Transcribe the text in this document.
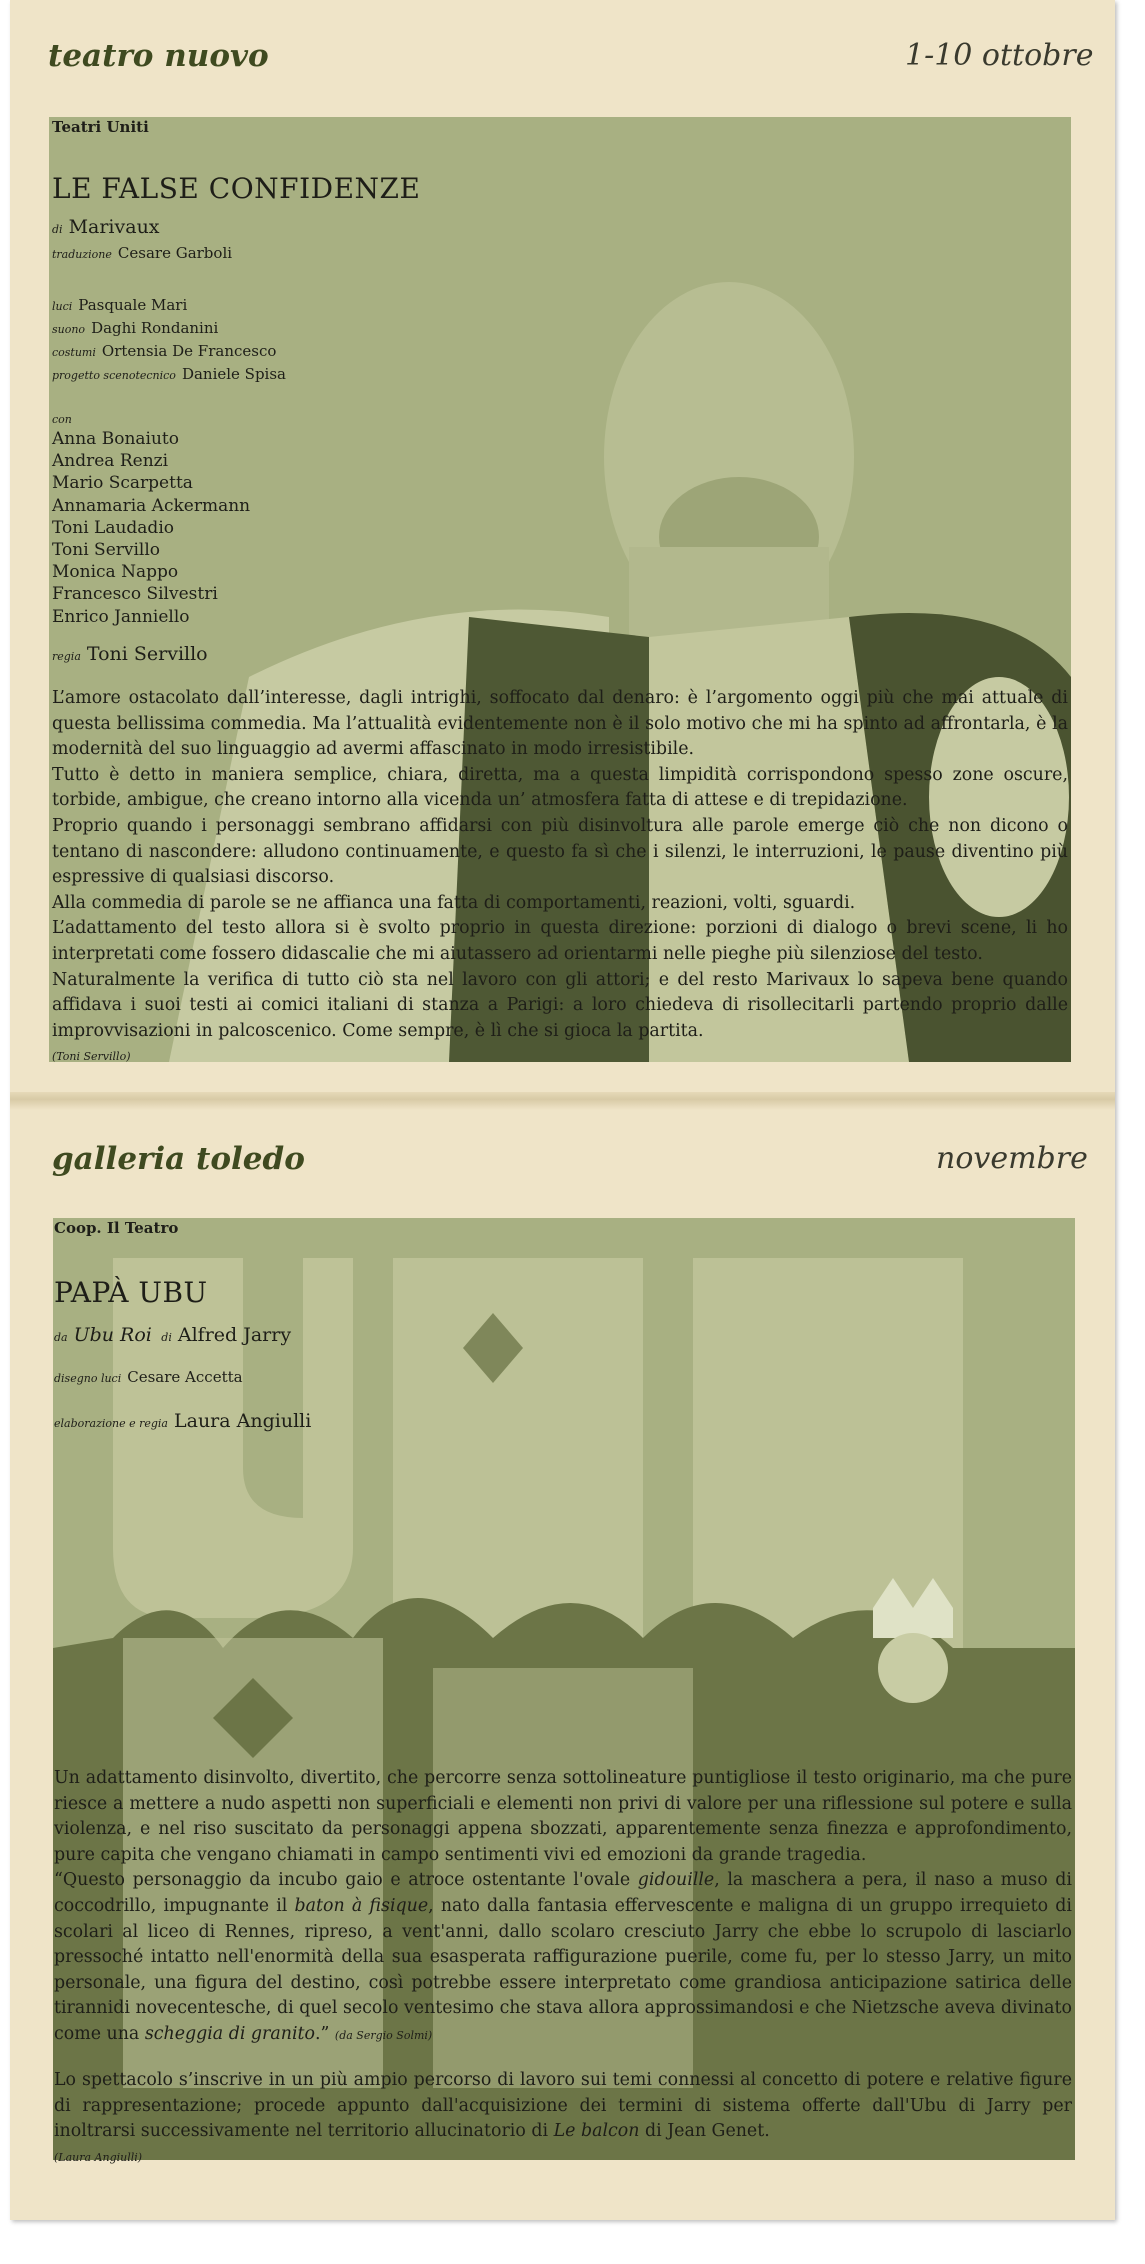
teatro nuovo	1-10 ottobre
Teatri Uniti
LE FALSE CONFIDENZE
di Marivaux
traduzione Cesare Garboli
luci Pasquale Mari
suono Daghi Rondanini
costumi Ortensia De Francesco
progetto scenotecnico Daniele Spisa
con
Anna Bonaiuto
Andrea Renzi
Mario Scarpetta
Annamaria Ackermann
Toni Laudadio
Toni Servillo
Monica Nappo
Francesco Silvestri
Enrico Janniello
regia Toni Servillo

L’amore ostacolato dall’interesse, dagli intrighi, soffocato dal denaro: è l’argomento oggi più che mai attuale di questa bellissima commedia. Ma l’attualità evidentemente non è il solo motivo che mi ha spinto ad affrontarla, è la modernità del suo linguaggio ad avermi affascinato in modo irresistibile.

Tutto è detto in maniera semplice, chiara, diretta, ma a questa limpidità corrispondono spesso zone oscure, torbide, ambigue, che creano intorno alla vicenda un’ atmosfera fatta di attese e di trepidazione.

Proprio quando i personaggi sembrano affidarsi con più disinvoltura alle parole emerge ciò che non dicono o tentano di nascondere: alludono continuamente, e questo fa sì che i silenzi, le interruzioni, le pause diventino più espressive di qualsiasi discorso.

Alla commedia di parole se ne affianca una fatta di comportamenti, reazioni, volti, sguardi.

L’adattamento del testo allora si è svolto proprio in questa direzione: porzioni di dialogo o brevi scene, li ho interpretati come fossero didascalie che mi aiutassero ad orientarmi nelle pieghe più silenziose del testo.

Naturalmente la verifica di tutto ciò sta nel lavoro con gli attori; e del resto Marivaux lo sapeva bene quando affidava i suoi testi ai comici italiani di stanza a Parigi: a loro chiedeva di risollecitarli partendo proprio dalle improvvisazioni in palcoscenico. Come sempre, è lì che si gioca la partita.

(Toni Servillo)
galleria toledo	novembre
Coop. Il Teatro
PAPÀ UBU
da Ubu Roi di Alfred Jarry
disegno luci Cesare Accetta
elaborazione e regia Laura Angiulli

Un adattamento disinvolto, divertito, che percorre senza sottolineature puntigliose il testo originario, ma che pure riesce a mettere a nudo aspetti non superficiali e elementi non privi di valore per una riflessione sul potere e sulla violenza, e nel riso suscitato da personaggi appena sbozzati, apparentemente senza finezza e approfondimento, pure capita che vengano chiamati in campo sentimenti vivi ed emozioni da grande tragedia.

“Questo personaggio da incubo gaio e atroce ostentante l'ovale gidouille, la maschera a pera, il naso a muso di coccodrillo, impugnante il baton à fisique, nato dalla fantasia effervescente e maligna di un gruppo irrequieto di scolari al liceo di Rennes, ripreso, a vent'anni, dallo scolaro cresciuto Jarry che ebbe lo scrupolo di lasciarlo pressoché intatto nell'enormità della sua esasperata raffigurazione puerile, come fu, per lo stesso Jarry, un mito personale, una figura del destino, così potrebbe essere interpretato come grandiosa anticipazione satirica delle tirannidi novecentesche, di quel secolo ventesimo che stava allora approssimandosi e che Nietzsche aveva divinato come una scheggia di granito.” (da Sergio Solmi)

Lo spettacolo s’inscrive in un più ampio percorso di lavoro sui temi connessi al concetto di potere e relative figure di rappresentazione; procede appunto dall'acquisizione dei termini di sistema offerte dall'Ubu di Jarry per inoltrarsi successivamente nel territorio allucinatorio di Le balcon di Jean Genet.

(Laura Angiulli)
